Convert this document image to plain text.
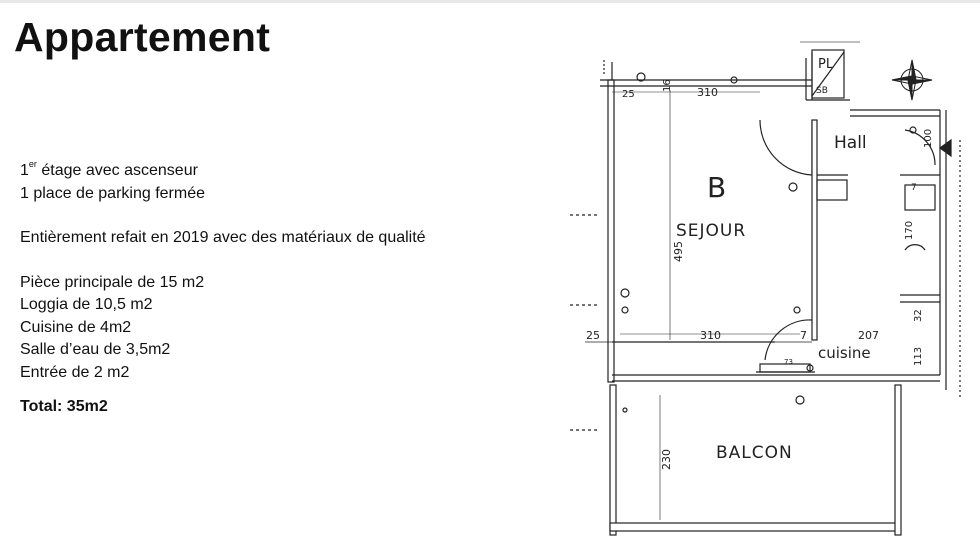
Appartement
1er étage avec ascenseur
1 place de parking fermée
Entièrement refait en 2019 avec des matériaux de qualité
Pièce principale de 15 m2
Loggia de 10,5 m2
Cuisine de 4m2
Salle d’eau de 3,5m2
Entrée de 2 m2
Total: 35m2
PL
SB
Hall
B
SEJOUR
cuisine
BALCON
25
16
310
495
25	310	7	207
230
170
100
32
113
73
7
